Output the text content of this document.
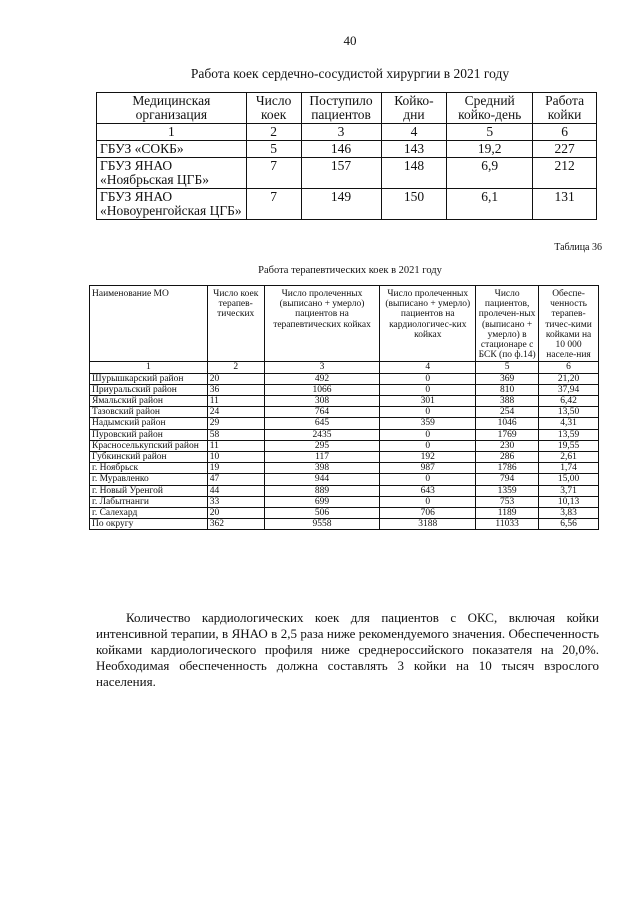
40
Работа коек сердечно-сосудистой хирургии в 2021 году
Медицинская организация	Число коек	Поступило пациентов	Койко-дни	Средний койко-день	Работа койки
1	2	3	4	5	6
ГБУЗ «СОКБ»	5	146	143	19,2	227
ГБУЗ ЯНАО «Ноябрьская ЦГБ»	7	157	148	6,9	212
ГБУЗ ЯНАО «Новоуренгойская ЦГБ»	7	149	150	6,1	131
Таблица 36
Работа терапевтических коек в 2021 году
Наименование МО	Число коек терапев-тических	Число пролеченных (выписано + умерло) пациентов на терапевтических койках	Число пролеченных (выписано + умерло) пациентов на кардиологичес-ких койках	Число пациентов, пролечен-ных (выписано + умерло) в стационаре с БСК (по ф.14)	Обеспе-ченность терапев-тичес-кими койками на 10 000 населе-ния
1	2	3	4	5	6
Шурышкарский район	20	492	0	369	21,20
Приуральский район	36	1066	0	810	37,94
Ямальский район	11	308	301	388	6,42
Тазовский район	24	764	0	254	13,50
Надымский район	29	645	359	1046	4,31
Пуровский район	58	2435	0	1769	13,59
Красноселькупский район	11	295	0	230	19,55
Губкинский район	10	117	192	286	2,61
г. Ноябрьск	19	398	987	1786	1,74
г. Муравленко	47	944	0	794	15,00
г. Новый Уренгой	44	889	643	1359	3,71
г. Лабытнанги	33	699	0	753	10,13
г. Салехард	20	506	706	1189	3,83
По округу	362	9558	3188	11033	6,56

Количество кардиологических коек для пациентов с ОКС, включая койки интенсивной терапии, в ЯНАО в 2,5 раза ниже рекомендуемого значения. Обеспеченность койками кардиологического профиля ниже среднероссийского показателя на 20,0%. Необходимая обеспеченность должна составлять 3 койки на 10 тысяч взрослого населения.
